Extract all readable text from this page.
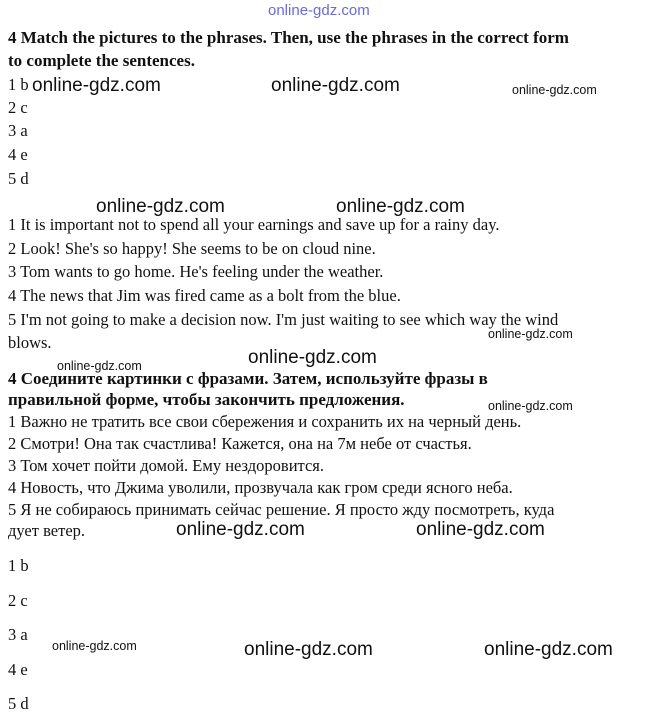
online-gdz.com
4 Match the pictures to the phrases. Then, use the phrases in the correct form
to complete the sentences.
1 b
2 c
3 a
4 e
5 d
1 It is important not to spend all your earnings and save up for a rainy day.
2 Look! She's so happy! She seems to be on cloud nine.
3 Tom wants to go home. He's feeling under the weather.
4 The news that Jim was fired came as a bolt from the blue.
5 I'm not going to make a decision now. I'm just waiting to see which way the wind
blows.
4 Соедините картинки с фразами. Затем, используйте фразы в
правильной форме, чтобы закончить предложения.
1 Важно не тратить все свои сбережения и сохранить их на черный день.
2 Смотри! Она так счастлива! Кажется, она на 7м небе от счастья.
3 Том хочет пойти домой. Ему нездоровится.
4 Новость, что Джима уволили, прозвучала как гром среди ясного неба.
5 Я не собираюсь принимать сейчас решение. Я просто жду посмотреть, куда
дует ветер.
1 b
2 c
3 a
4 e
5 d
online-gdz.com	online-gdz.com	online-gdz.com
online-gdz.com	online-gdz.com
online-gdz.com
online-gdz.com
online-gdz.com
online-gdz.com
online-gdz.com	online-gdz.com
online-gdz.com	online-gdz.com	online-gdz.com
